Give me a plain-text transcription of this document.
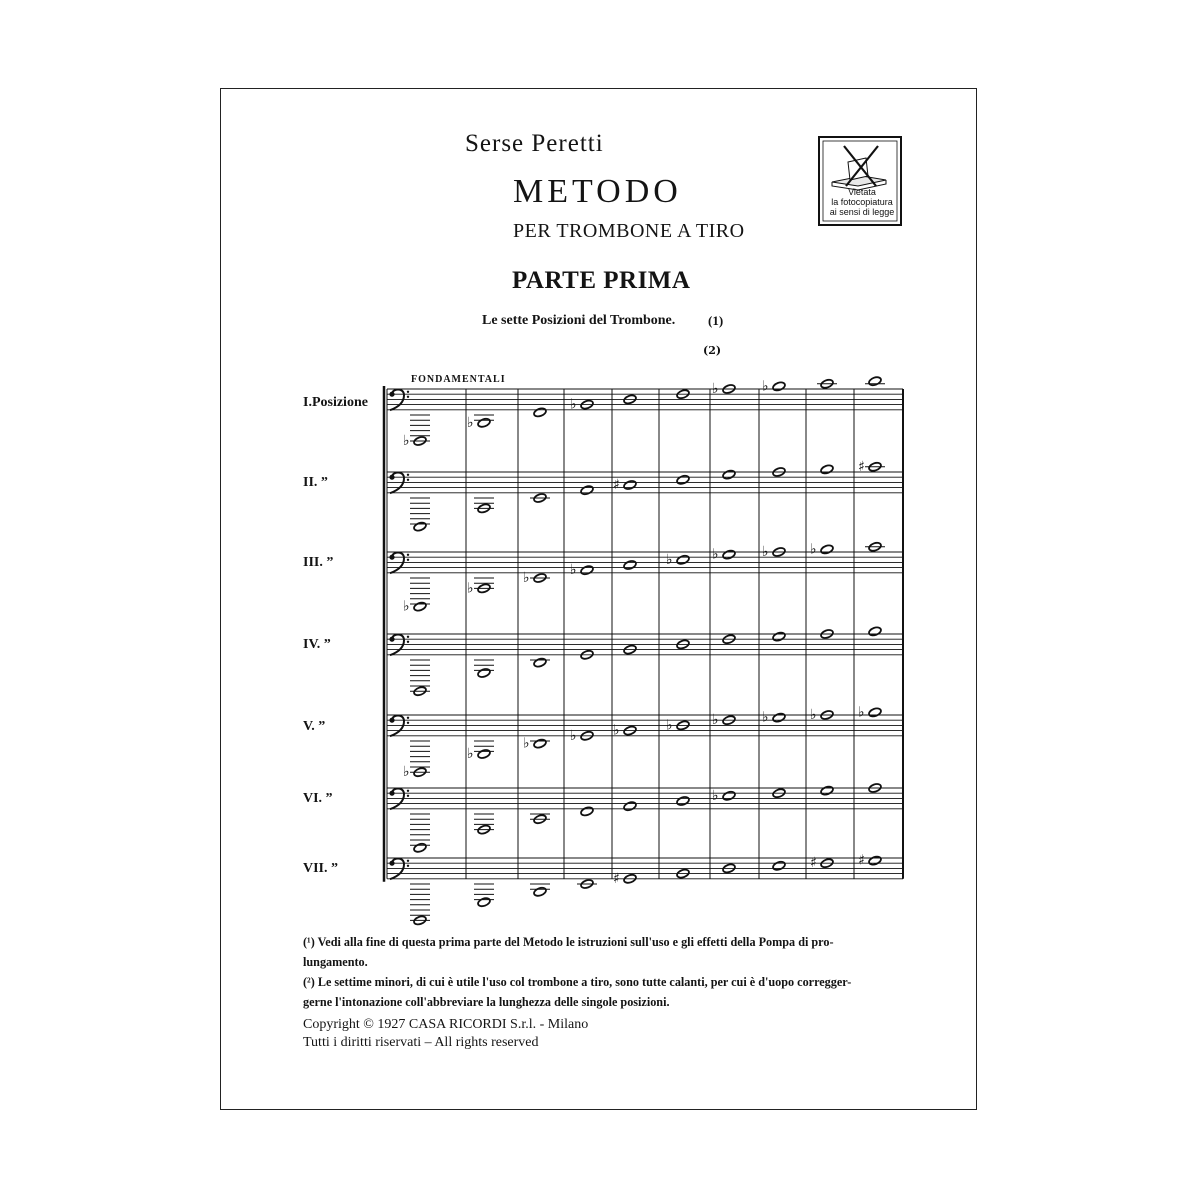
Serse Peretti
METODO
PER TROMBONE A TIRO
PARTE PRIMA
Le sette Posizioni del Trombone.	(1)
Vietata
la fotocopiatura
ai sensi di legge
FONDAMENTALI
♭
♭
♭
♭	♭
♯
♯
♭
♭
♭	♭
♭	♭	♭	♭
♭
♭
♭	♭	♭	♭	♭	♭	♭	♭
♭
♯
♯	♯
(2)
I.Posizione
II. ”
III. ”
IV. ”
V. ”
VI. ”
VII. ”
(¹) Vedi alla fine di questa prima parte del Metodo le istruzioni sull'uso e gli effetti della Pompa di pro-
lungamento.
(²) Le settime minori, di cui è utile l'uso col trombone a tiro, sono tutte calanti, per cui è d'uopo corregger-
gerne l'intonazione coll'abbreviare la lunghezza delle singole posizioni.
Copyright © 1927 CASA RICORDI S.r.l. - Milano
Tutti i diritti riservati – All rights reserved
